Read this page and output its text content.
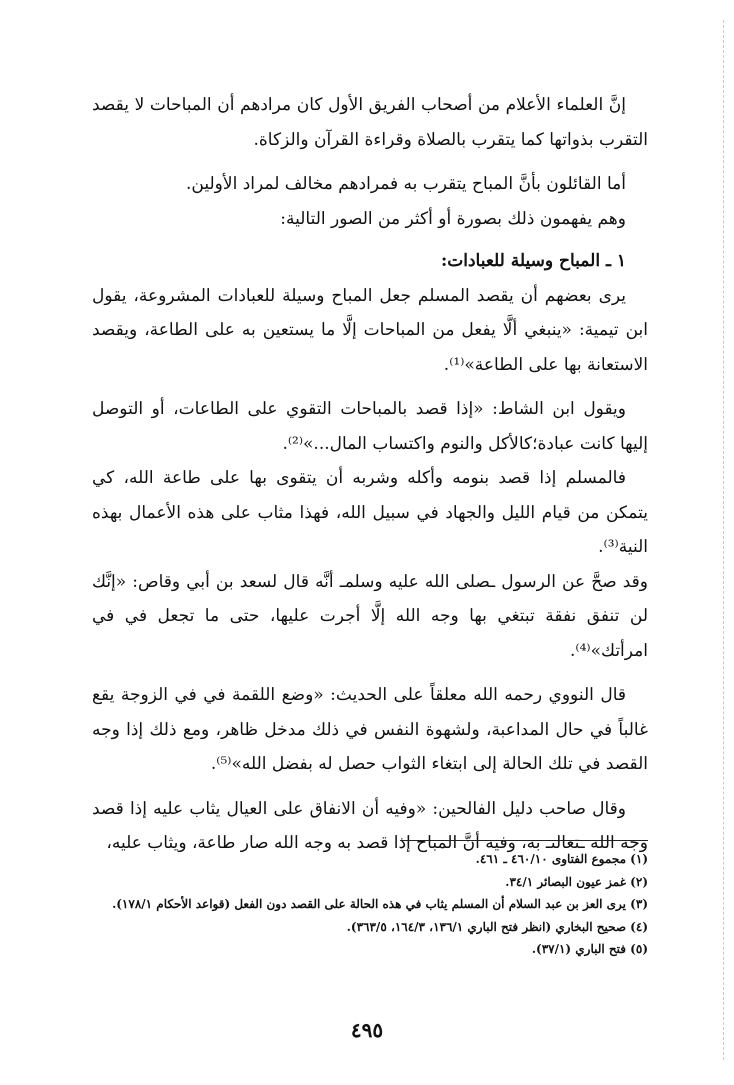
إنَّ العلماء الأعلام من أصحاب الفريق الأول كان مرادهم أن المباحات لا يقصد التقرب بذواتها كما يتقرب بالصلاة وقراءة القرآن والزكاة.

أما القائلون بأنَّ المباح يتقرب به فمرادهم مخالف لمراد الأولين.

وهم يفهمون ذلك بصورة أو أكثر من الصور التالية:

١ ـ المباح وسيلة للعبادات:

يرى بعضهم أن يقصد المسلم جعل المباح وسيلة للعبادات المشروعة، يقول ابن تيمية: «ينبغي ألَّا يفعل من المباحات إلَّا ما يستعين به على الطاعة، ويقصد الاستعانة بها على الطاعة»⁽¹⁾.

ويقول ابن الشاط: «إذا قصد بالمباحات التقوي على الطاعات، أو التوصل إليها كانت عبادة؛كالأكل والنوم واكتساب المال...»⁽²⁾.

فالمسلم إذا قصد بنومه وأكله وشربه أن يتقوى بها على طاعة الله، كي يتمكن من قيام الليل والجهاد في سبيل الله، فهذا مثاب على هذه الأعمال بهذه النية⁽³⁾.

وقد صحَّ عن الرسول ـصلى الله عليه وسلمـ أنَّه قال لسعد بن أبي وقاص: «إنَّك لن تنفق نفقة تبتغي بها وجه الله إلَّا أجرت عليها، حتى ما تجعل في في امرأتك»⁽⁴⁾.

قال النووي رحمه الله معلقاً على الحديث: «وضع اللقمة في في الزوجة يقع غالباً في حال المداعبة، ولشهوة النفس في ذلك مدخل ظاهر، ومع ذلك إذا وجه القصد في تلك الحالة إلى ابتغاء الثواب حصل له بفضل الله»⁽⁵⁾.

وقال صاحب دليل الفالحين: «وفيه أن الانفاق على العيال يثاب عليه إذا قصد وجه الله ـتعالىـ به، وفيه أنَّ المباح إذا قصد به وجه الله صار طاعة، ويثاب عليه،

(١) مجموع الفتاوى ٤٦٠/١٠ ـ ٤٦١.
(٢) غمز عيون البصائر ٣٤/١.
(٣) يرى العز بن عبد السلام أن المسلم يثاب في هذه الحالة على القصد دون الفعل (قواعد الأحكام ١٧٨/١).
(٤) صحيح البخاري (انظر فتح الباري ١٣٦/١، ١٦٤/٣، ٣٦٣/٥).
(٥) فتح الباري (٣٧/١).
٤٩٥
